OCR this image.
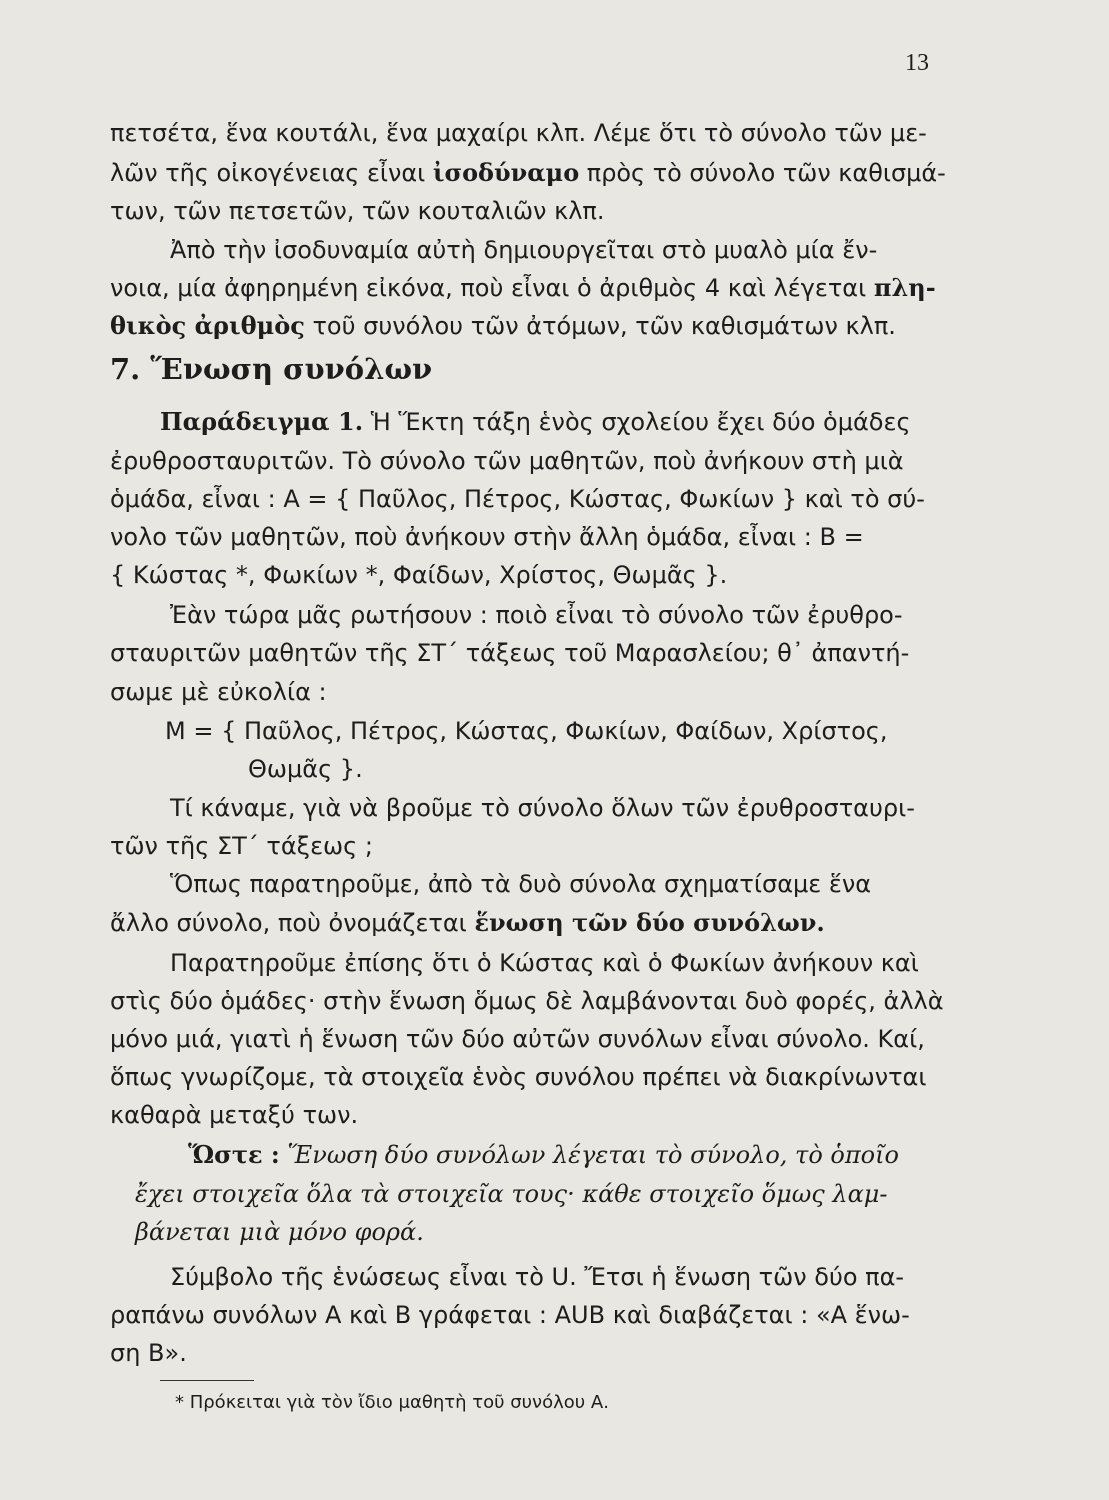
13
πετσέτα, ἕνα κουτάλι, ἕνα μαχαίρι κλπ. Λέμε ὅτι τὸ σύνολο τῶν με-
λῶν τῆς οἰκογένειας εἶναι ἰσοδύναμο πρὸς τὸ σύνολο τῶν καθισμά-
των, τῶν πετσετῶν, τῶν κουταλιῶν κλπ.
Ἀπὸ τὴν ἰσοδυναμία αὐτὴ δημιουργεῖται στὸ μυαλὸ μία ἔν-
νοια, μία ἀφηρημένη εἰκόνα, ποὺ εἶναι ὁ ἀριθμὸς 4 καὶ λέγεται πλη-
θικὸς ἀριθμὸς τοῦ συνόλου τῶν ἀτόμων, τῶν καθισμάτων κλπ.
7. Ἕνωση συνόλων
Παράδειγμα 1. Ἡ Ἕκτη τάξη ἑνὸς σχολείου ἔχει δύο ὁμάδες
ἐρυθροσταυριτῶν. Τὸ σύνολο τῶν μαθητῶν, ποὺ ἀνήκουν στὴ μιὰ
ὁμάδα, εἶναι : Α = { Παῦλος, Πέτρος, Κώστας, Φωκίων } καὶ τὸ σύ-
νολο τῶν μαθητῶν, ποὺ ἀνήκουν στὴν ἄλλη ὁμάδα, εἶναι : Β =
{ Κώστας *, Φωκίων *, Φαίδων, Χρίστος, Θωμᾶς }.
Ἐὰν τώρα μᾶς ρωτήσουν : ποιὸ εἶναι τὸ σύνολο τῶν ἐρυθρο-
σταυριτῶν μαθητῶν τῆς ΣΤ΄ τάξεως τοῦ Μαρασλείου; θ᾽ ἀπαντή-
σωμε μὲ εὐκολία :
Μ = { Παῦλος, Πέτρος, Κώστας, Φωκίων, Φαίδων, Χρίστος,
Θωμᾶς }.
Τί κάναμε, γιὰ νὰ βροῦμε τὸ σύνολο ὅλων τῶν ἐρυθροσταυρι-
τῶν τῆς ΣΤ΄ τάξεως ;
Ὅπως παρατηροῦμε, ἀπὸ τὰ δυὸ σύνολα σχηματίσαμε ἕνα
ἄλλο σύνολο, ποὺ ὀνομάζεται ἕνωση τῶν δύο συνόλων.
Παρατηροῦμε ἐπίσης ὅτι ὁ Κώστας καὶ ὁ Φωκίων ἀνήκουν καὶ
στὶς δύο ὁμάδες· στὴν ἕνωση ὅμως δὲ λαμβάνονται δυὸ φορές, ἀλλὰ
μόνο μιά, γιατὶ ἡ ἕνωση τῶν δύο αὐτῶν συνόλων εἶναι σύνολο. Καί,
ὅπως γνωρίζομε, τὰ στοιχεῖα ἑνὸς συνόλου πρέπει νὰ διακρίνωνται
καθαρὰ μεταξύ των.
Ὥστε : Ἕνωση δύο συνόλων λέγεται τὸ σύνολο, τὸ ὁποῖο
ἔχει στοιχεῖα ὅλα τὰ στοιχεῖα τους· κάθε στοιχεῖο ὅμως λαμ-
βάνεται μιὰ μόνο φορά.
Σύμβολο τῆς ἑνώσεως εἶναι τὸ U. Ἔτσι ἡ ἕνωση τῶν δύο πα-
ραπάνω συνόλων Α καὶ Β γράφεται : AUB καὶ διαβάζεται : «Α ἕνω-
ση Β».
* Πρόκειται γιὰ τὸν ἴδιο μαθητὴ τοῦ συνόλου Α.
